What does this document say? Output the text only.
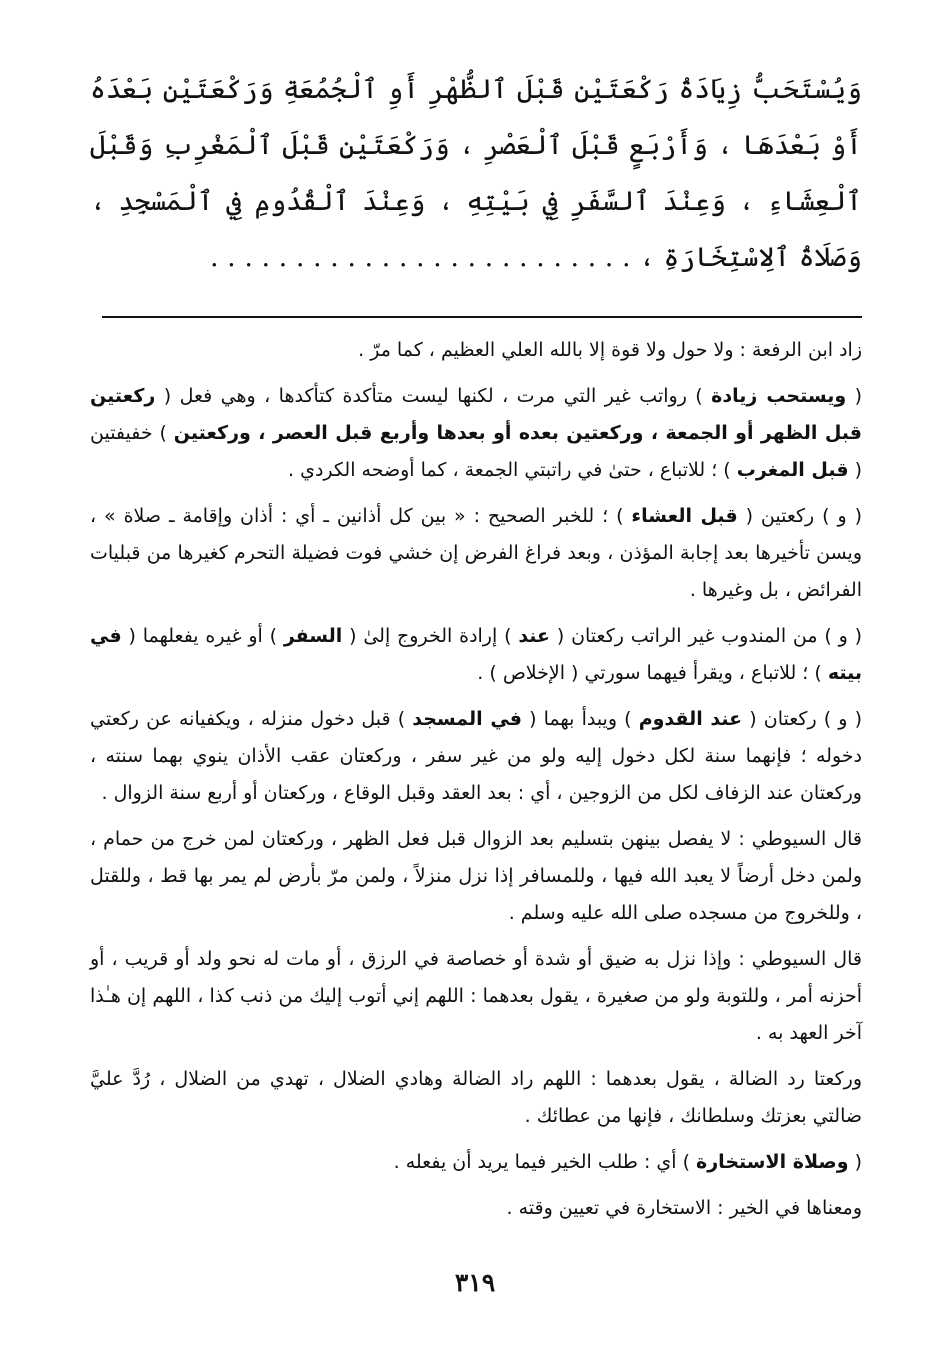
وَيُسْتَحَبُّ زِيَادَةُ رَكْعَتَيْنِ قَبْلَ ٱلظُّهْرِ أَوِ ٱلْجُمُعَةِ وَرَكْعَتَيْنِ بَعْدَهُ أَوْ بَعْدَهَا ، وَأَرْبَعٍ قَبْلَ ٱلْعَصْرِ ، وَرَكْعَتَيْنِ قَبْلَ ٱلْمَغْرِبِ وَقَبْلَ ٱلْعِشَاءِ ، وَعِنْدَ ٱلسَّفَرِ فِي بَيْتِهِ ، وَعِنْدَ ٱلْقُدُومِ فِي ٱلْمَسْجِدِ ، وَصَلَاةُ ٱلِاسْتِخَارَةِ ، . . . . . . . . . . . . . . . . . . . . . . . . .

زاد ابن الرفعة : ولا حول ولا قوة إلا بالله العلي العظيم ، كما مرّ .

( ويستحب زيادة ) رواتب غير التي مرت ، لكنها ليست متأكدة كتأكدها ، وهي فعل ( ركعتين قبل الظهر أو الجمعة ، وركعتين بعده أو بعدها وأربع قبل العصر ، وركعتين ) خفيفتين ( قبل المغرب ) ؛ للاتباع ، حتىٰ في راتبتي الجمعة ، كما أوضحه الكردي .

( و ) ركعتين ( قبل العشاء ) ؛ للخبر الصحيح : « بين كل أذانين ـ أي : أذان وإقامة ـ صلاة » ، ويسن تأخيرها بعد إجابة المؤذن ، وبعد فراغ الفرض إن خشي فوت فضيلة التحرم كغيرها من قبليات الفرائض ، بل وغيرها .

( و ) من المندوب غير الراتب ركعتان ( عند ) إرادة الخروج إلىٰ ( السفر ) أو غيره يفعلهما ( في بيته ) ؛ للاتباع ، ويقرأ فيهما سورتي ( الإخلاص ) .

( و ) ركعتان ( عند القدوم ) ويبدأ بهما ( في المسجد ) قبل دخول منزله ، ويكفيانه عن ركعتي دخوله ؛ فإنهما سنة لكل دخول إليه ولو من غير سفر ، وركعتان عقب الأذان ينوي بهما سنته ، وركعتان عند الزفاف لكل من الزوجين ، أي : بعد العقد وقبل الوقاع ، وركعتان أو أربع سنة الزوال .

قال السيوطي : لا يفصل بينهن بتسليم بعد الزوال قبل فعل الظهر ، وركعتان لمن خرج من حمام ، ولمن دخل أرضاً لا يعبد الله فيها ، وللمسافر إذا نزل منزلاً ، ولمن مرّ بأرض لم يمر بها قط ، وللقتل ، وللخروج من مسجده صلى الله عليه وسلم .

قال السيوطي : وإذا نزل به ضيق أو شدة أو خصاصة في الرزق ، أو مات له نحو ولد أو قريب ، أو أحزنه أمر ، وللتوبة ولو من صغيرة ، يقول بعدهما : اللهم إني أتوب إليك من ذنب كذا ، اللهم إن هـٰذا آخر العهد به .

وركعتا رد الضالة ، يقول بعدهما : اللهم راد الضالة وهادي الضلال ، تهدي من الضلال ، رُدَّ عليَّ ضالتي بعزتك وسلطانك ، فإنها من عطائك .

( وصلاة الاستخارة ) أي : طلب الخير فيما يريد أن يفعله .

ومعناها في الخير : الاستخارة في تعيين وقته .

٣١٩
